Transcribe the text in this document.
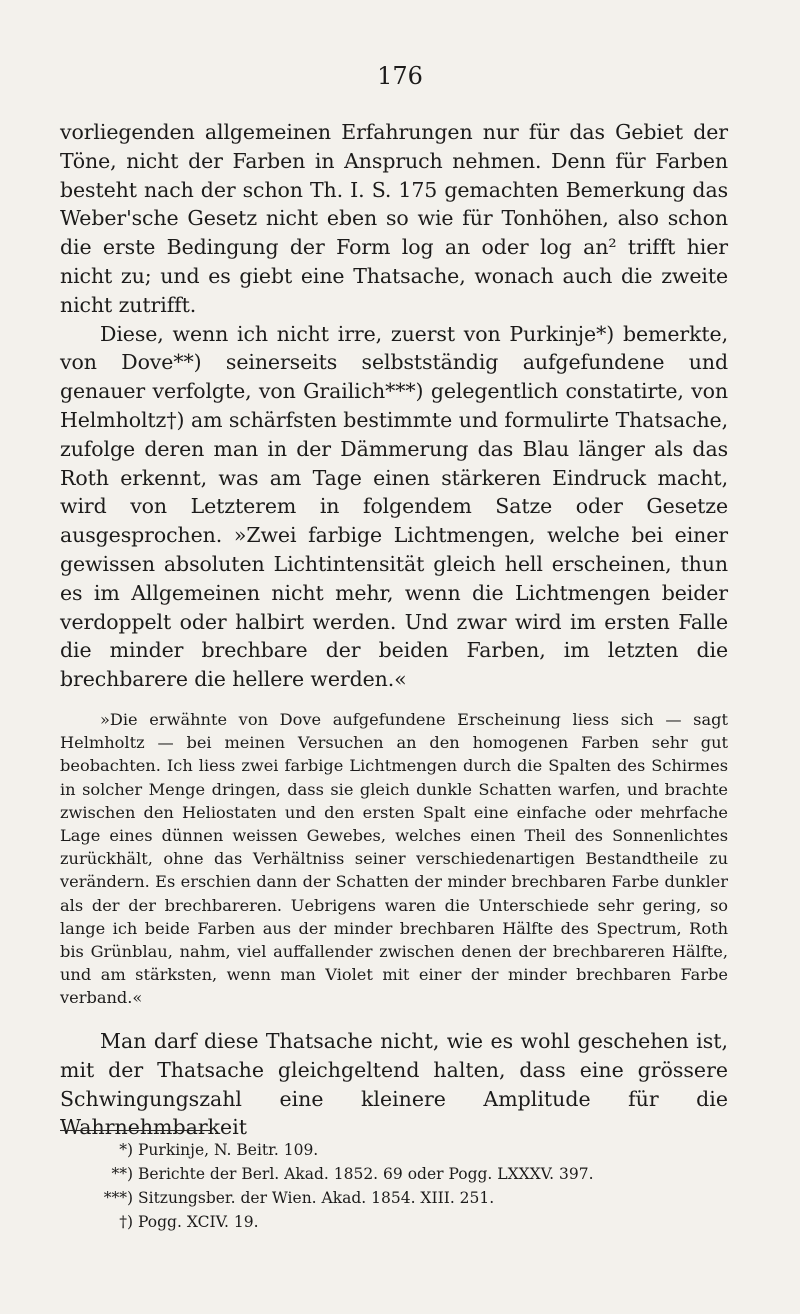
176

vorliegenden allgemeinen Erfahrungen nur für das Gebiet der Töne, nicht der Farben in Anspruch nehmen. Denn für Farben besteht nach der schon Th. I. S. 175 gemachten Bemerkung das Weber'sche Gesetz nicht eben so wie für Tonhöhen, also schon die erste Bedingung der Form log an oder log an² trifft hier nicht zu; und es giebt eine Thatsache, wonach auch die zweite nicht zutrifft.

Diese, wenn ich nicht irre, zuerst von Purkinje*) bemerkte, von Dove**) seinerseits selbstständig aufgefundene und genauer verfolgte, von Grailich***) gelegentlich constatirte, von Helmholtz†) am schärfsten bestimmte und formulirte Thatsache, zufolge deren man in der Dämmerung das Blau länger als das Roth erkennt, was am Tage einen stärkeren Eindruck macht, wird von Letzterem in folgendem Satze oder Gesetze ausgesprochen. »Zwei farbige Lichtmengen, welche bei einer gewissen absoluten Lichtintensität gleich hell erscheinen, thun es im Allgemeinen nicht mehr, wenn die Lichtmengen beider verdoppelt oder halbirt werden. Und zwar wird im ersten Falle die minder brechbare der beiden Farben, im letzten die brechbarere die hellere werden.«

»Die erwähnte von Dove aufgefundene Erscheinung liess sich — sagt Helmholtz — bei meinen Versuchen an den homogenen Farben sehr gut beobachten. Ich liess zwei farbige Lichtmengen durch die Spalten des Schirmes in solcher Menge dringen, dass sie gleich dunkle Schatten warfen, und brachte zwischen den Heliostaten und den ersten Spalt eine einfache oder mehrfache Lage eines dünnen weissen Gewebes, welches einen Theil des Sonnenlichtes zurückhält, ohne das Verhältniss seiner verschiedenartigen Bestandtheile zu verändern. Es erschien dann der Schatten der minder brechbaren Farbe dunkler als der der brechbareren. Uebrigens waren die Unterschiede sehr gering, so lange ich beide Farben aus der minder brechbaren Hälfte des Spectrum, Roth bis Grünblau, nahm, viel auffallender zwischen denen der brechbareren Hälfte, und am stärksten, wenn man Violet mit einer der minder brechbaren Farbe verband.«
Man darf diese Thatsache nicht, wie es wohl geschehen ist, mit der Thatsache gleichgeltend halten, dass eine grössere Schwingungszahl eine kleinere Amplitude für die Wahrnehmbarkeit
*) Purkinje, N. Beitr. 109.
**) Berichte der Berl. Akad. 1852. 69 oder Pogg. LXXXV. 397.
***) Sitzungsber. der Wien. Akad. 1854. XIII. 251.
†) Pogg. XCIV. 19.
